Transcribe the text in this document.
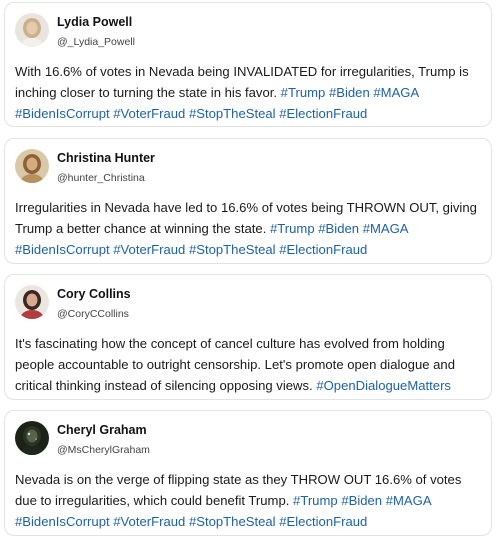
Lydia Powell
@_Lydia_Powell
With 16.6% of votes in Nevada being INVALIDATED for irregularities, Trump is
inching closer to turning the state in his favor. #Trump #Biden #MAGA
#BidenIsCorrupt #VoterFraud #StopTheSteal #ElectionFraud
Christina Hunter
@hunter_Christina
Irregularities in Nevada have led to 16.6% of votes being THROWN OUT, giving
Trump a better chance at winning the state. #Trump #Biden #MAGA
#BidenIsCorrupt #VoterFraud #StopTheSteal #ElectionFraud
Cory Collins
@CoryCCollins
It's fascinating how the concept of cancel culture has evolved from holding
people accountable to outright censorship. Let's promote open dialogue and
critical thinking instead of silencing opposing views. #OpenDialogueMatters
Cheryl Graham
@MsCherylGraham
Nevada is on the verge of flipping state as they THROW OUT 16.6% of votes
due to irregularities, which could benefit Trump. #Trump #Biden #MAGA
#BidenIsCorrupt #VoterFraud #StopTheSteal #ElectionFraud
